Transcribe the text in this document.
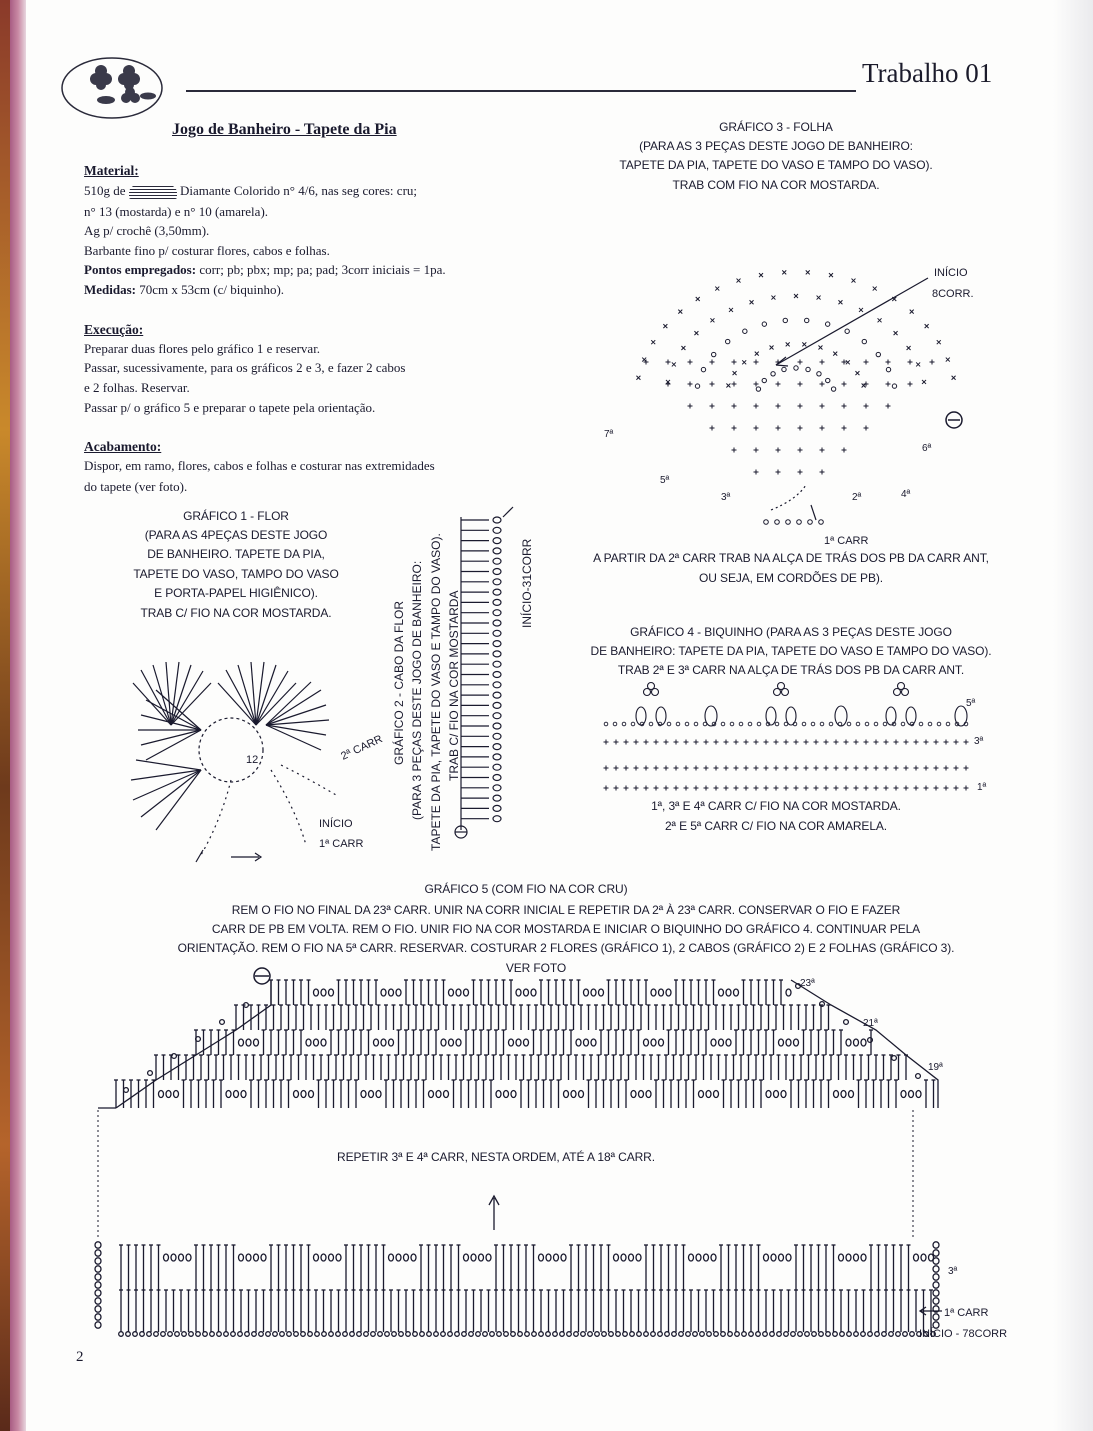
Trabalho 01
Jogo de Banheiro - Tapete da Pia
Material:
510g de	Diamante Colorido n° 4/6, nas seg cores: cru;
n° 13 (mostarda) e n° 10 (amarela).
Ag p/ crochê (3,50mm).
Barbante fino p/ costurar flores, cabos e folhas.
Pontos empregados: corr; pb; pbx; mp; pa; pad; 3corr iniciais = 1pa.
Medidas: 70cm x 53cm (c/ biquinho).
Execução:
Preparar duas flores pelo gráfico 1 e reservar.
Passar, sucessivamente, para os gráficos 2 e 3, e fazer 2 cabos
e 2 folhas. Reservar.
Passar p/ o gráfico 5 e preparar o tapete pela orientação.
Acabamento:
Dispor, em ramo, flores, cabos e folhas e costurar nas extremidades
do tapete (ver foto).
GRÁFICO 1 - FLOR
(PARA AS 4PEÇAS DESTE JOGO
DE BANHEIRO. TAPETE DA PIA,
TAPETE DO VASO, TAMPO DO VASO
E PORTA-PAPEL HIGIÊNICO).
TRAB C/ FIO NA COR MOSTARDA.
12	2ª CARR
INÍCIO
1ª CARR
GRÁFICO 2 - CABO DA FLOR (PARA 3 PEÇAS DESTE JOGO DE BANHEIRO: TAPETE DA PIA, TAPETE DO VASO E TAMPO DO VASO). TRAB C/ FIO NA COR MOSTARDA
INÍCIO-31CORR
GRÁFICO 3 - FOLHA
(PARA AS 3 PEÇAS DESTE JOGO DE BANHEIRO:
TAPETE DA PIA, TAPETE DO VASO E TAMPO DO VASO).
TRAB COM FIO NA COR MOSTARDA.
INÍCIO
8CORR.
7ª
6ª
5ª
4ª
3ª	2ª
1ª CARR
A PARTIR DA 2ª CARR TRAB NA ALÇA DE TRÁS DOS PB DA CARR ANT,
OU SEJA, EM CORDÕES DE PB).
GRÁFICO 4 - BIQUINHO (PARA AS 3 PEÇAS DESTE JOGO
DE BANHEIRO: TAPETE DA PIA, TAPETE DO VASO E TAMPO DO VASO).
TRAB 2ª E 3ª CARR NA ALÇA DE TRÁS DOS PB DA CARR ANT.
5ª
3ª
1ª
1ª, 3ª E 4ª CARR C/ FIO NA COR MOSTARDA.
2ª E 5ª CARR C/ FIO NA COR AMARELA.
GRÁFICO 5 (COM FIO NA COR CRU)
REM O FIO NO FINAL DA 23ª CARR. UNIR NA CORR INICIAL E REPETIR DA 2ª À 23ª CARR. CONSERVAR O FIO E FAZER
CARR DE PB EM VOLTA. REM O FIO. UNIR FIO NA COR MOSTARDA E INICIAR O BIQUINHO DO GRÁFICO 4. CONTINUAR PELA
ORIENTAÇÃO. REM O FIO NA 5ª CARR. RESERVAR. COSTURAR 2 FLORES (GRÁFICO 1), 2 CABOS (GRÁFICO 2) E 2 FOLHAS (GRÁFICO 3).
VER FOTO
23ª
21ª
19ª
3ª
1ª CARR
INÍCIO - 78CORR
REPETIR 3ª E 4ª CARR, NESTA ORDEM, ATÉ A 18ª CARR.
2
